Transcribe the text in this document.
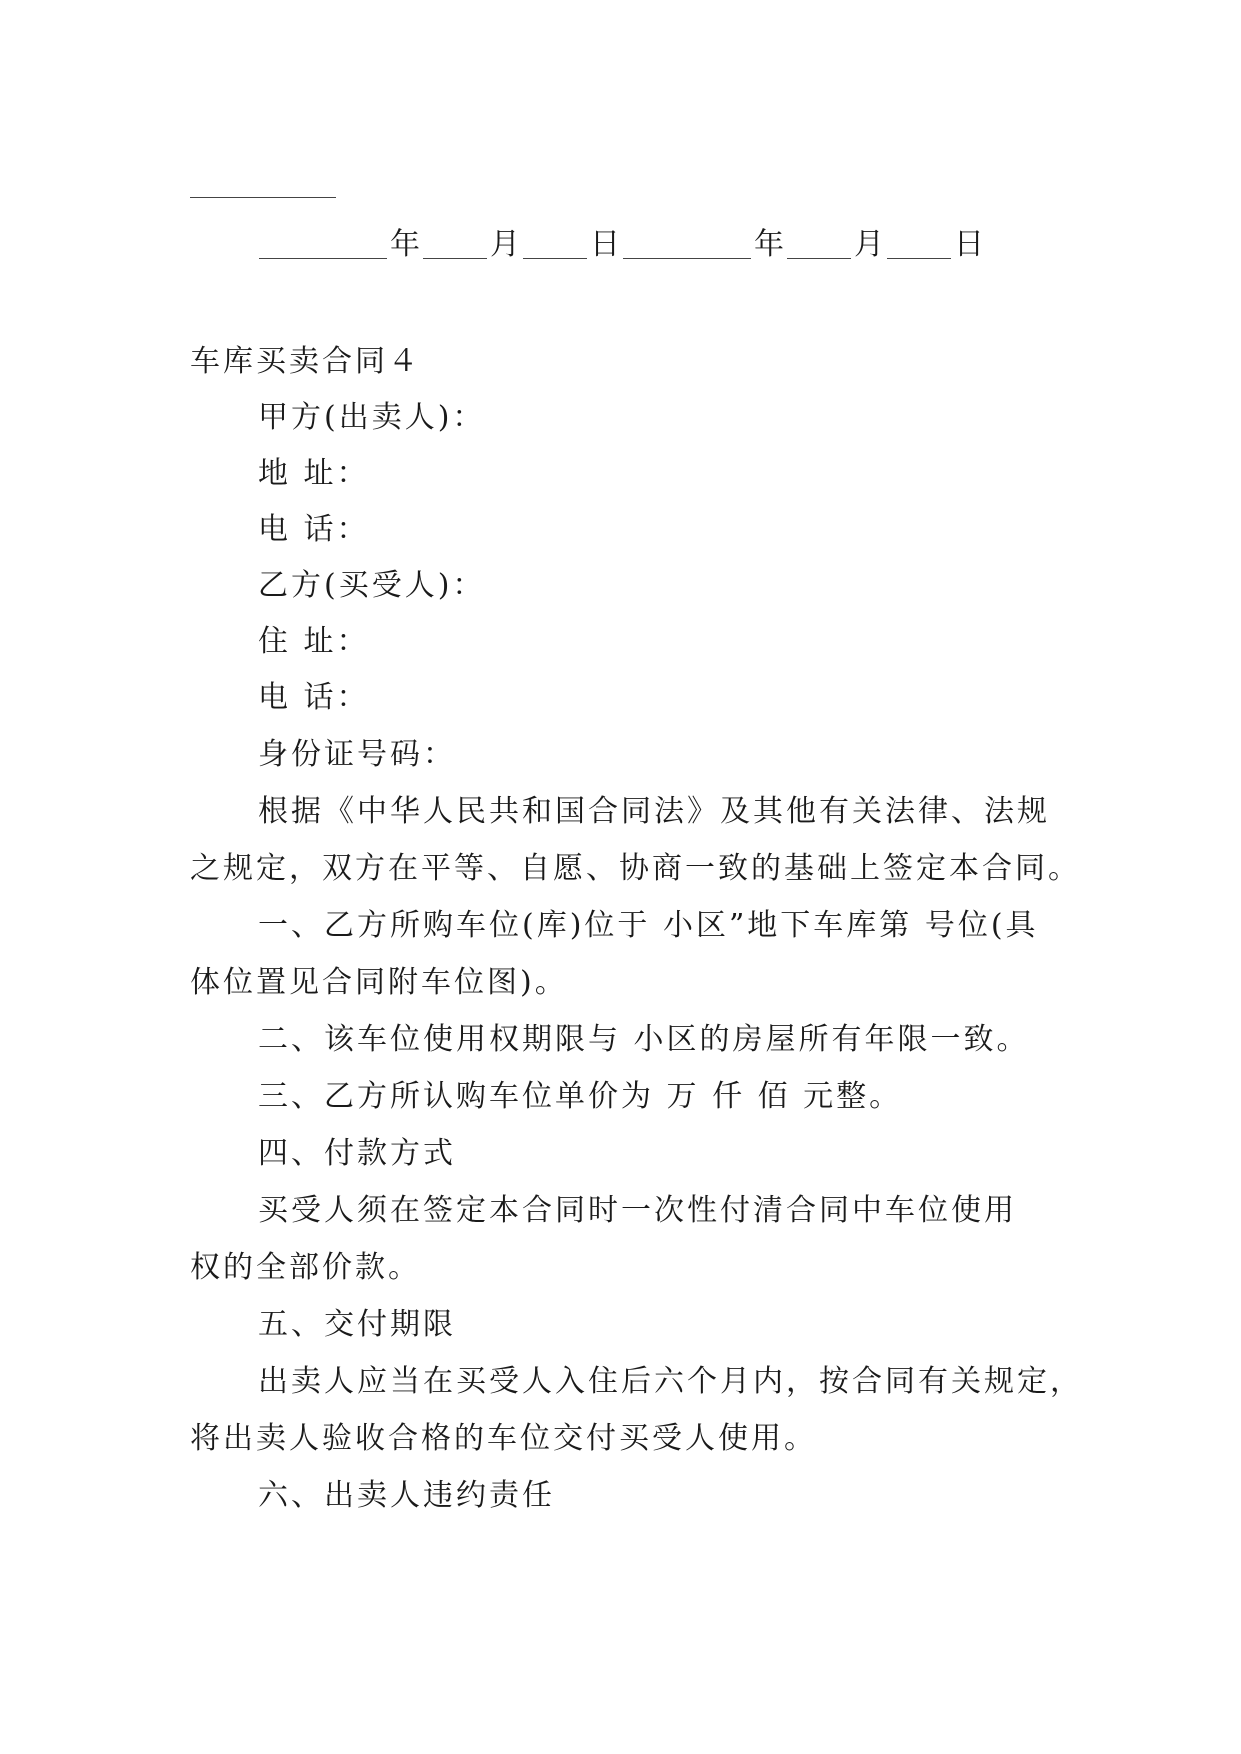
年 月 日	年 月 日
车库买卖合同４
甲方(出卖人)：
地 址：
电 话：
乙方(买受人)：
住 址：
电 话：
身份证号码：
根据《中华人民共和国合同法》及其他有关法律、法规
之规定，双方在平等、自愿、协商一致的基础上签定本合同。
一、乙方所购车位(库)位于 小区”地下车库第 号位(具
体位置见合同附车位图)。
二、该车位使用权期限与 小区的房屋所有年限一致。
三、乙方所认购车位单价为 万 仟 佰 元整。
四、付款方式
买受人须在签定本合同时一次性付清合同中车位使用
权的全部价款。
五、交付期限
出卖人应当在买受人入住后六个月内，按合同有关规定，
将出卖人验收合格的车位交付买受人使用。
六、出卖人违约责任
